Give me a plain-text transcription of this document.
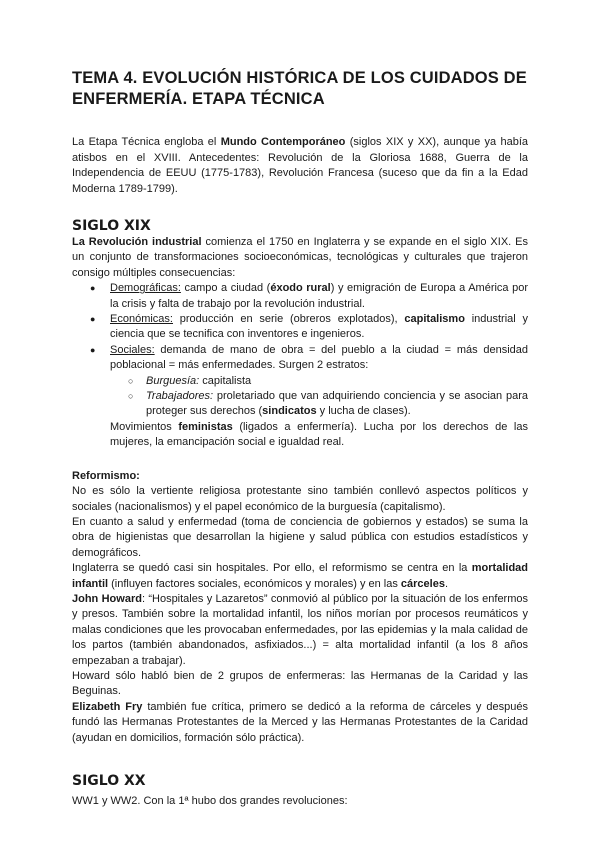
TEMA 4. EVOLUCIÓN HISTÓRICA DE LOS CUIDADOS DE ENFERMERÍA. ETAPA TÉCNICA

La Etapa Técnica engloba el Mundo Contemporáneo (siglos XIX y XX), aunque ya había atisbos en el XVIII. Antecedentes: Revolución de la Gloriosa 1688, Guerra de la Independencia de EEUU (1775-1783), Revolución Francesa (suceso que da fin a la Edad Moderna 1789-1799).

SIGLO XIX

La Revolución industrial comienza el 1750 en Inglaterra y se expande en el siglo XIX. Es un conjunto de transformaciones socioeconómicas, tecnológicas y culturales que trajeron consigo múltiples consecuencias:

● Demográficas: campo a ciudad (éxodo rural) y emigración de Europa a América por la crisis y falta de trabajo por la revolución industrial.
● Económicas: producción en serie (obreros explotados), capitalismo industrial y ciencia que se tecnifica con inventores e ingenieros.
● Sociales: demanda de mano de obra = del pueblo a la ciudad = más densidad poblacional = más enfermedades. Surgen 2 estratos:
○ Burguesía: capitalista
○ Trabajadores: proletariado que van adquiriendo conciencia y se asocian para proteger sus derechos (sindicatos y lucha de clases).

Movimientos feministas (ligados a enfermería). Lucha por los derechos de las mujeres, la emancipación social e igualdad real.

Reformismo:

No es sólo la vertiente religiosa protestante sino también conllevó aspectos políticos y sociales (nacionalismos) y el papel económico de la burguesía (capitalismo).

En cuanto a salud y enfermedad (toma de conciencia de gobiernos y estados) se suma la obra de higienistas que desarrollan la higiene y salud pública con estudios estadísticos y demográficos.

Inglaterra se quedó casi sin hospitales. Por ello, el reformismo se centra en la mortalidad infantil (influyen factores sociales, económicos y morales) y en las cárceles.

John Howard: “Hospitales y Lazaretos” conmovió al público por la situación de los enfermos y presos. También sobre la mortalidad infantil, los niños morían por procesos reumáticos y malas condiciones que les provocaban enfermedades, por las epidemias y la mala calidad de los partos (también abandonados, asfixiados...) = alta mortalidad infantil (a los 8 años empezaban a trabajar).

Howard sólo habló bien de 2 grupos de enfermeras: las Hermanas de la Caridad y las Beguinas.

Elizabeth Fry también fue crítica, primero se dedicó a la reforma de cárceles y después fundó las Hermanas Protestantes de la Merced y las Hermanas Protestantes de la Caridad (ayudan en domicilios, formación sólo práctica).

SIGLO XX

WW1 y WW2. Con la 1ª hubo dos grandes revoluciones:
